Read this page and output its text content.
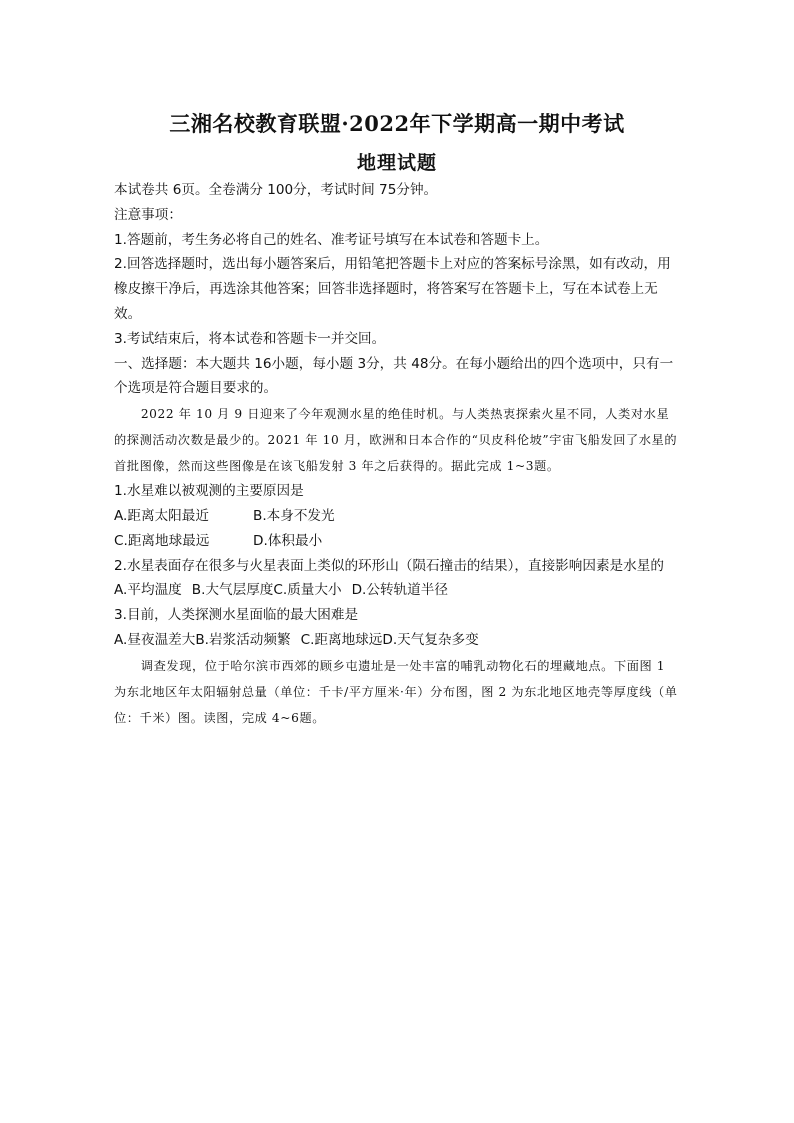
三湘名校教育联盟·2022年下学期高一期中考试
地理试题

本试卷共 6页。全卷满分 100分，考试时间 75分钟。

注意事项：

1.答题前，考生务必将自己的姓名、准考证号填写在本试卷和答题卡上。

2.回答选择题时，选出每小题答案后，用铅笔把答题卡上对应的答案标号涂黑，如有改动，用橡皮擦干净后，再选涂其他答案；回答非选择题时，将答案写在答题卡上，写在本试卷上无效。

3.考试结束后，将本试卷和答题卡一并交回。

一、选择题：本大题共 16小题，每小题 3分，共 48分。在每小题给出的四个选项中，只有一个选项是符合题目要求的。

2022 年 10 月 9 日迎来了今年观测水星的绝佳时机。与人类热衷探索火星不同，人类对水星的探测活动次数是最少的。2021 年 10 月，欧洲和日本合作的“贝皮科伦坡”宇宙飞船发回了水星的首批图像，然而这些图像是在该飞船发射 3 年之后获得的。据此完成 1~3题。

1.水星难以被观测的主要原因是

A.距离太阳最近	B.本身不发光
C.距离地球最远	D.体积最小

2.水星表面存在很多与火星表面上类似的环形山（陨石撞击的结果），直接影响因素是水星的

A.平均温度 B.大气层厚度 C.质量大小 D.公转轨道半径

3.目前，人类探测水星面临的最大困难是

A.昼夜温差大 B.岩浆活动频繁 C.距离地球远 D.天气复杂多变

调查发现，位于哈尔滨市西郊的顾乡屯遗址是一处丰富的哺乳动物化石的埋藏地点。下面图 1 为东北地区年太阳辐射总量（单位：千卡/平方厘米·年）分布图，图 2 为东北地区地壳等厚度线（单位：千米）图。读图，完成 4~6题。
